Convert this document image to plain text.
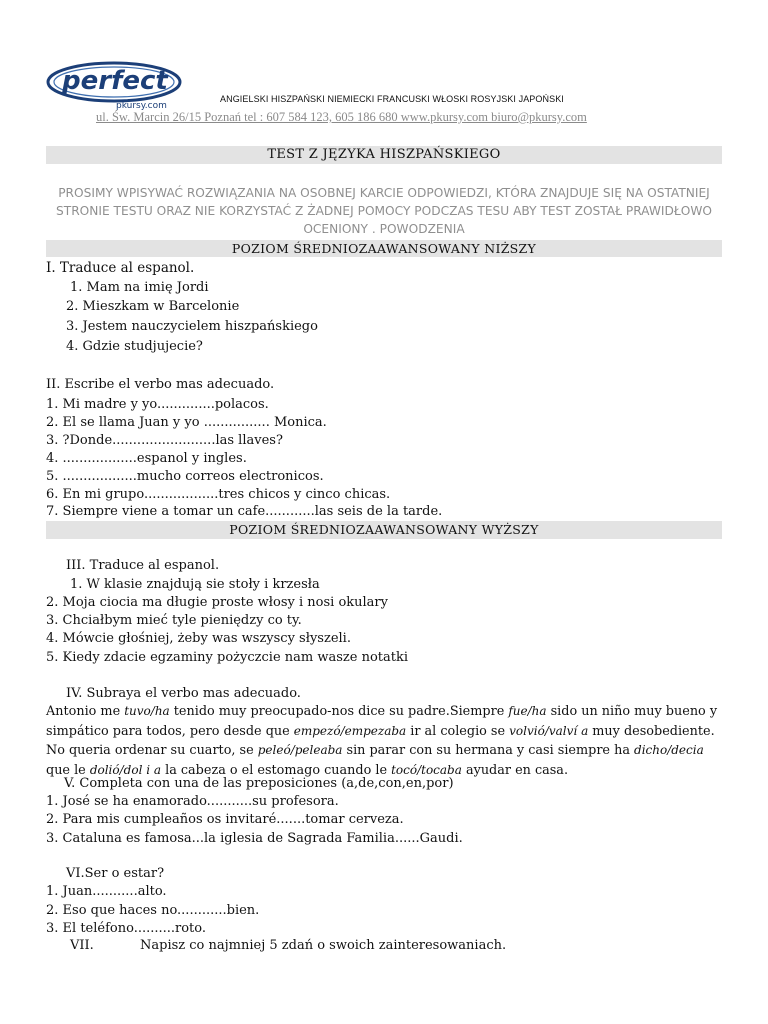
perfect
pkursy.com
ANGIELSKI HISZPAŃSKI NIEMIECKI FRANCUSKI WŁOSKI ROSYJSKI JAPOŃSKI
ul. Św. Marcin 26/15 Poznań tel : 607 584 123, 605 186 680 www.pkursy.com biuro@pkursy.com
TEST Z JĘZYKA HISZPAŃSKIEGO
PROSIMY WPISYWAĆ ROZWIĄZANIA NA OSOBNEJ KARCIE ODPOWIEDZI, KTÓRA ZNAJDUJE SIĘ NA OSTATNIEJ STRONIE TESTU ORAZ NIE KORZYSTAĆ Z ŻADNEJ POMOCY PODCZAS TESU ABY TEST ZOSTAŁ PRAWIDŁOWO OCENIONY . POWODZENIA
POZIOM ŚREDNIOZAAWANSOWANY NIŻSZY
I. Traduce al espanol.
1. Mam na imię Jordi
2. Mieszkam w Barcelonie
3. Jestem nauczycielem hiszpańskiego
4. Gdzie studjujecie?
II. Escribe el verbo mas adecuado.
1. Mi madre y yo..............polacos.
2. El se llama Juan y yo ................ Monica.
3. ?Donde.........................las llaves?
4. ..................espanol y ingles.
5. ..................mucho correos electronicos.
6. En mi grupo..................tres chicos y cinco chicas.
7. Siempre viene a tomar un cafe............las seis de la tarde.
POZIOM ŚREDNIOZAAWANSOWANY WYŻSZY
III. Traduce al espanol.
1. W klasie znajdują sie stoły i krzesła
2. Moja ciocia ma długie proste włosy i nosi okulary
3. Chciałbym mieć tyle pieniędzy co ty.
4. Mówcie głośniej, żeby was wszyscy słyszeli.
5. Kiedy zdacie egzaminy pożyczcie nam wasze notatki
IV. Subraya el verbo mas adecuado.
Antonio me tuvo/ha tenido muy preocupado-nos dice su padre.Siempre fue/ha sido un niño muy bueno y simpático para todos, pero desde que empezó/empezaba ir al colegio se volvió/valví a muy desobediente. No queria ordenar su cuarto, se peleó/peleaba sin parar con su hermana y casi siempre ha dicho/decia que le dolió/dol i a la cabeza o el estomago cuando le tocó/tocaba ayudar en casa.
V. Completa con una de las preposiciones (a,de,con,en,por)
1. José se ha enamorado...........su profesora.
2. Para mis cumpleaños os invitaré.......tomar cerveza.
3. Cataluna es famosa...la iglesia de Sagrada Familia......Gaudi.
VI.Ser o estar?
1. Juan...........alto.
2. Eso que haces no............bien.
3. El teléfono..........roto.
VII.	Napisz co najmniej 5 zdań o swoich zainteresowaniach.
